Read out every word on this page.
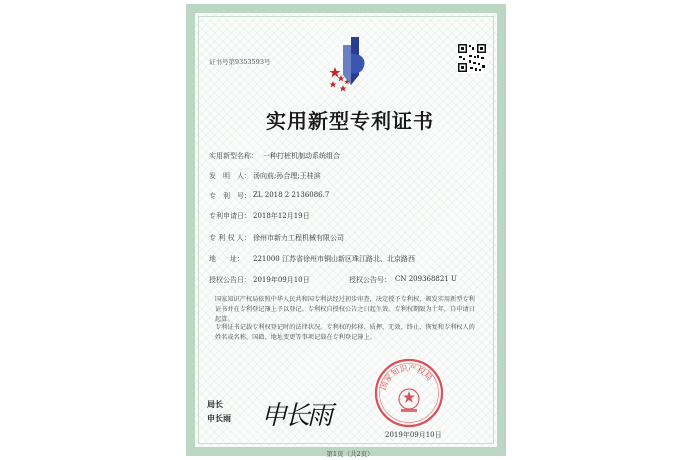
证书号第9353593号
实用新型专利证书
实用新型名称： 一种打桩机制动系统组合
发　明　人： 汤向前;孙合理;王桂滨
专　利　号： ZL 2018 2 2136086.7
专利申请日： 2018年12月19日
专 利 权 人： 徐州市新力工程机械有限公司
地　　址： 221000 江苏省徐州市铜山新区珠江路北、北京路西
授权公告日： 2019年09月10日	授权公告号： CN 209368821 U
国家知识产权局依照中华人民共和国专利法经过初步审查，决定授予专利权，颁发实用新型专利证书并在专利登记簿上予以登记。专利权自授权公告之日起生效。专利权期限为十年，自申请日起算。
专利证书记载专利权登记时的法律状况。专利权的转移、质押、无效、终止、恢复和专利权人的姓名或名称、国籍、地址变更等事项记载在专利登记簿上。
局长
申长雨 申长雨
国家知识产权局
2019年09月10日
第1页（共2页）
